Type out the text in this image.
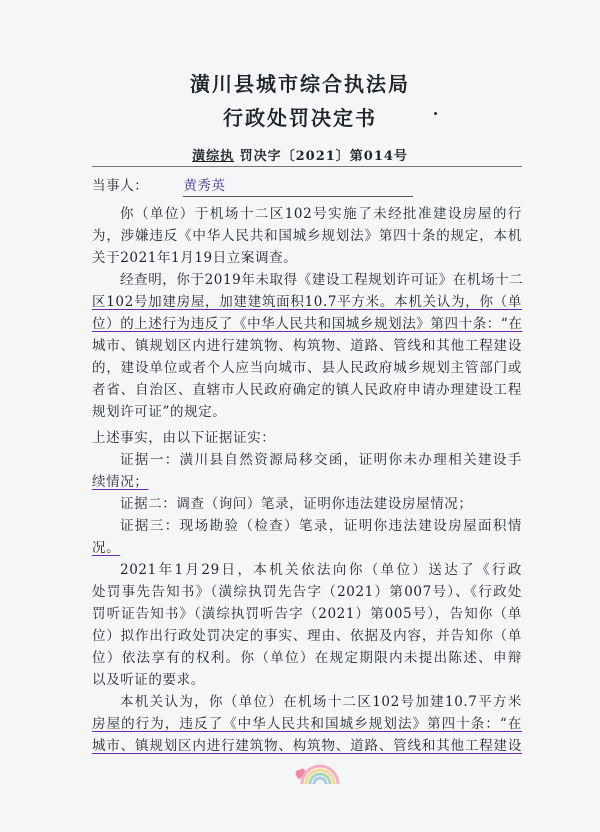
潢川县城市综合执法局
行政处罚决定书
潢综执 罚决字〔2021〕第014号
当事人：	黄秀英
你（单位）于机场十二区102号实施了未经批准建设房屋的行
为，涉嫌违反《中华人民共和国城乡规划法》第四十条的规定，本机
关于2021年1月19日立案调查。
经查明，你于2019年未取得《建设工程规划许可证》在机场十二
区102号加建房屋，加建建筑面积10.7平方米。本机关认为，你（单
位）的上述行为违反了《中华人民共和国城乡规划法》第四十条：“在
城市、镇规划区内进行建筑物、构筑物、道路、管线和其他工程建设
的，建设单位或者个人应当向城市、县人民政府城乡规划主管部门或
者省、自治区、直辖市人民政府确定的镇人民政府申请办理建设工程
规划许可证”的规定。
上述事实，由以下证据证实：
证据一：潢川县自然资源局移交函，证明你未办理相关建设手
续情况；
证据二：调查（询问）笔录，证明你违法建设房屋情况；
证据三：现场勘验（检查）笔录，证明你违法建设房屋面积情
况。
2021年1月29日，本机关依法向你（单位）送达了《行政
处罚事先告知书》（潢综执罚先告字（2021）第007号）、《行政处
罚听证告知书》（潢综执罚听告字（2021）第005号），告知你（单
位）拟作出行政处罚决定的事实、理由、依据及内容，并告知你（单
位）依法享有的权利。你（单位）在规定期限内未提出陈述、申辩
以及听证的要求。
本机关认为，你（单位）在机场十二区102号加建10.7平方米
房屋的行为，违反了《中华人民共和国城乡规划法》第四十条：“在
城市、镇规划区内进行建筑物、构筑物、道路、管线和其他工程建设
